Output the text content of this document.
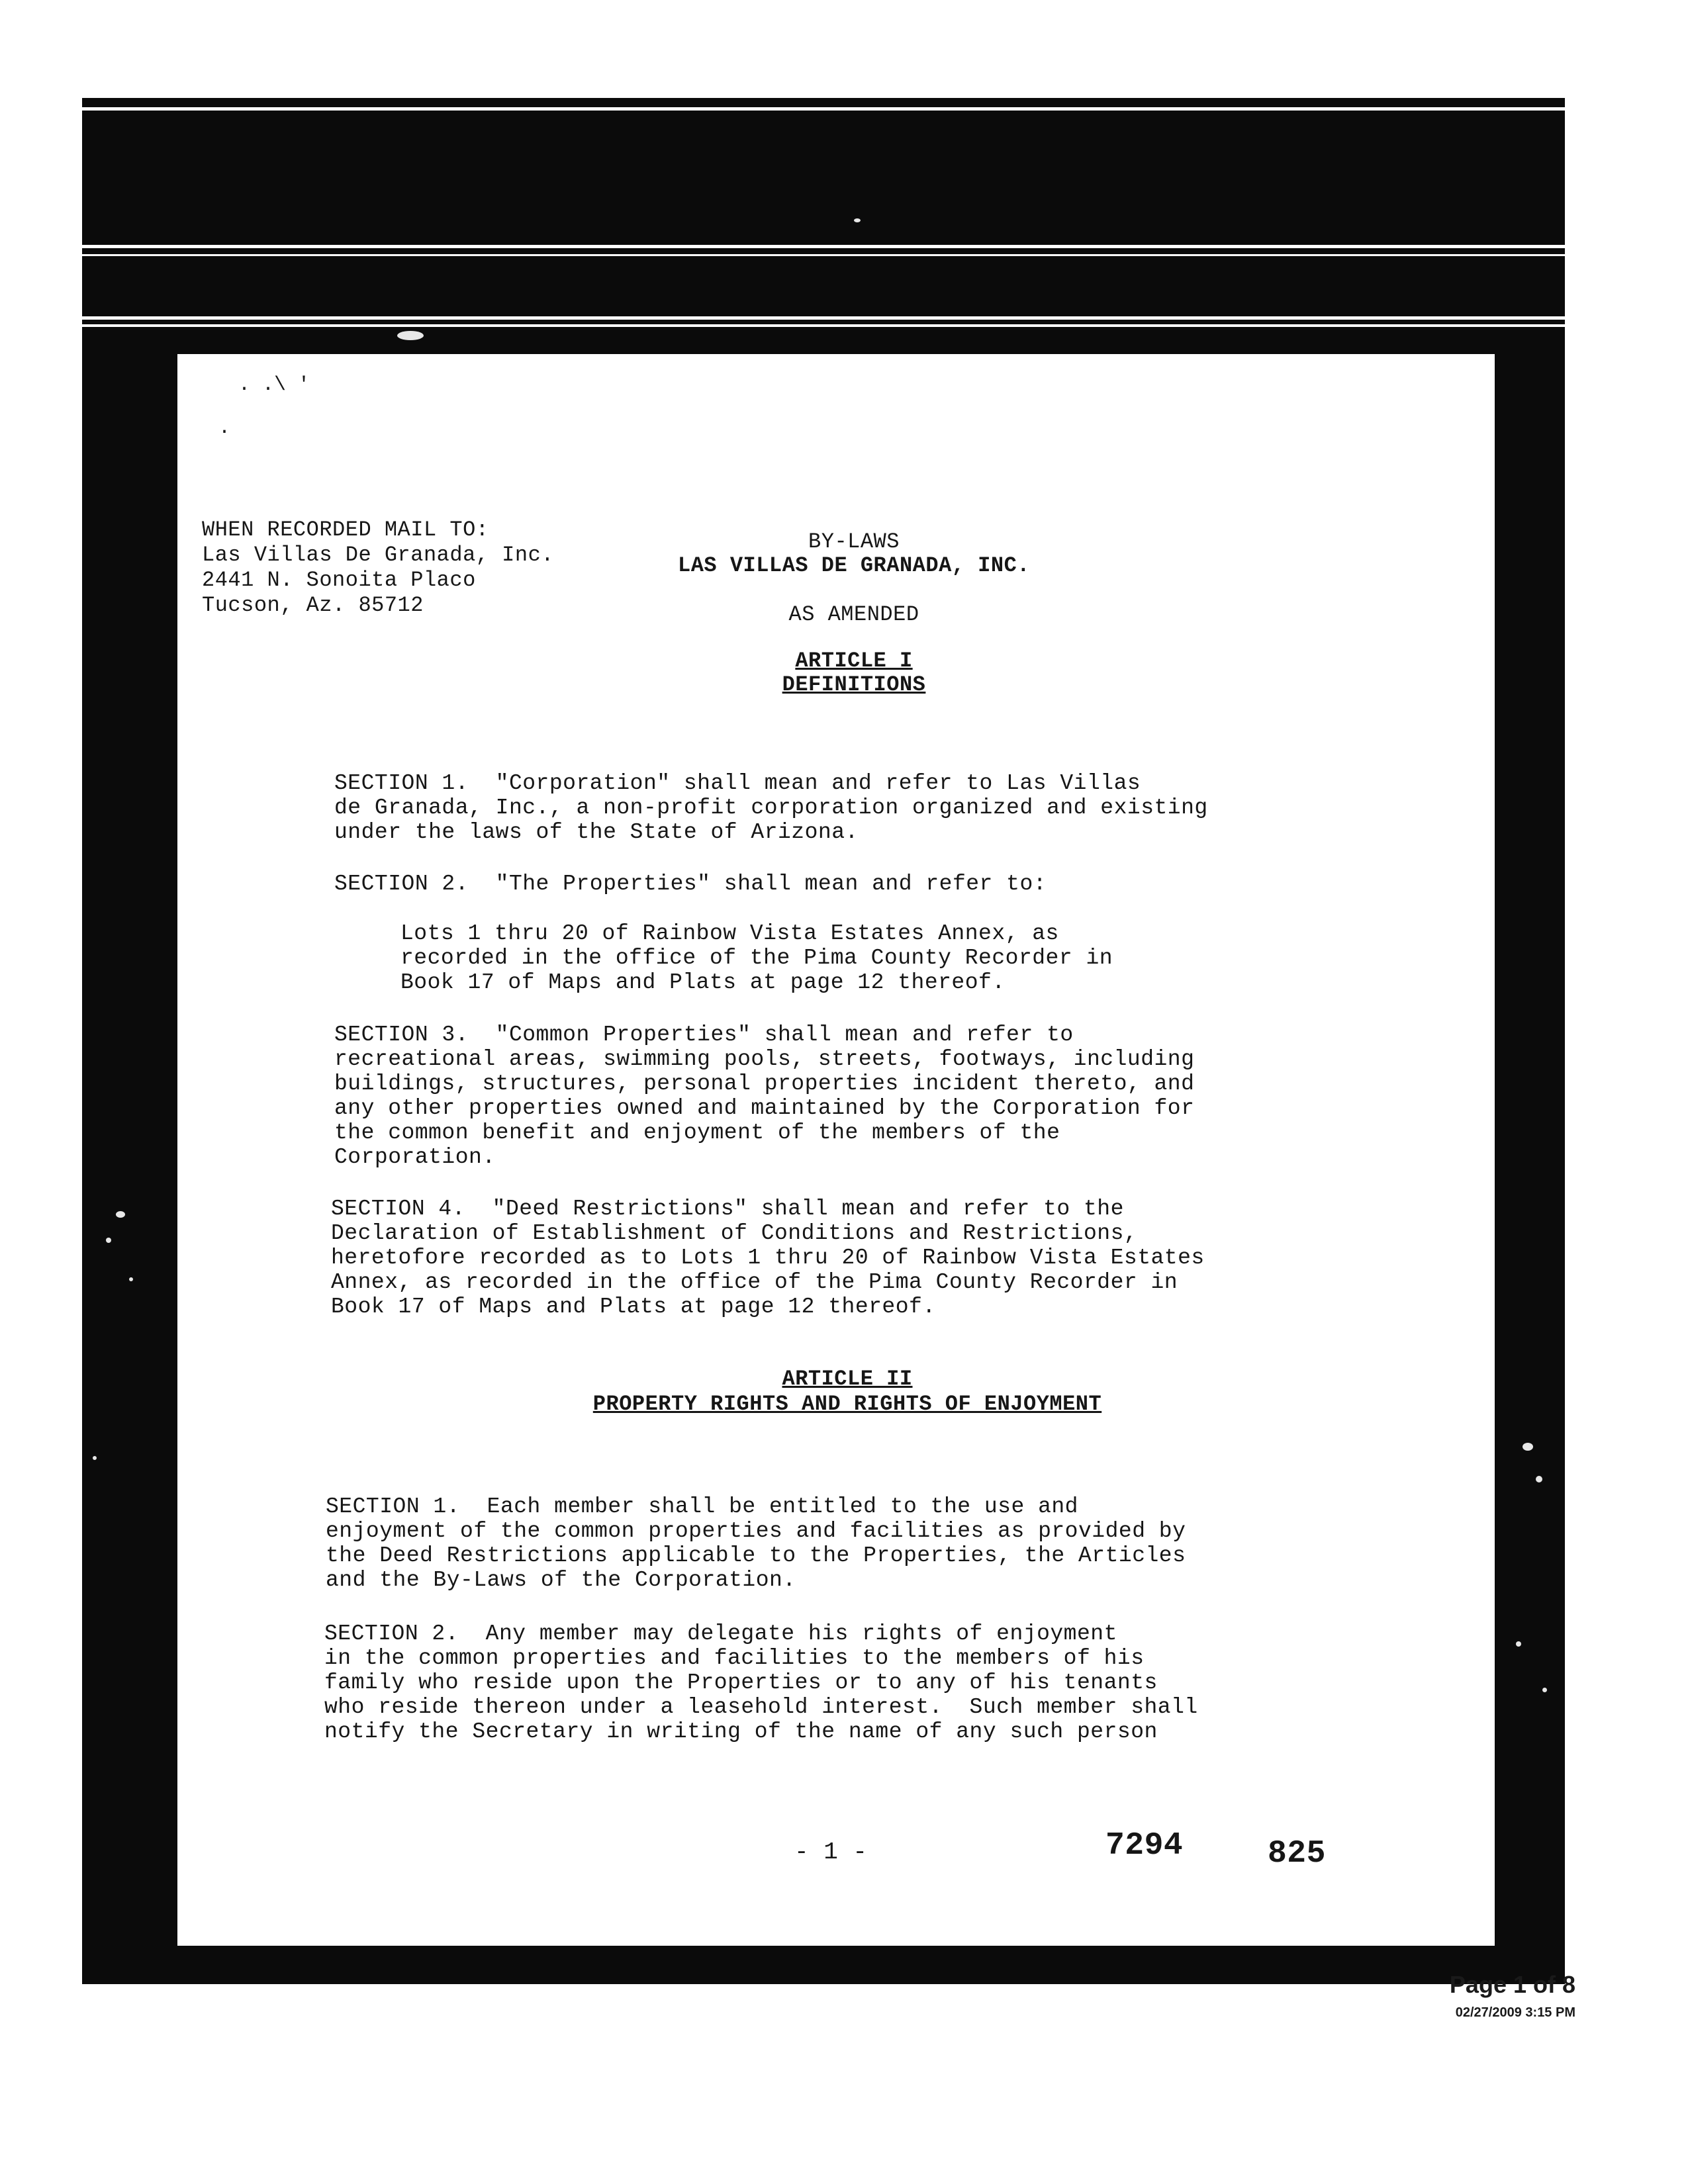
. .\ '
.
WHEN RECORDED MAIL TO:
Las Villas De Granada, Inc.
2441 N. Sonoita Placo
Tucson, Az. 85712
BY-LAWS
LAS VILLAS DE GRANADA, INC.
AS AMENDED
ARTICLE I
DEFINITIONS
SECTION 1.  "Corporation" shall mean and refer to Las Villas
de Granada, Inc., a non-profit corporation organized and existing
under the laws of the State of Arizona.
SECTION 2.  "The Properties" shall mean and refer to:
Lots 1 thru 20 of Rainbow Vista Estates Annex, as
recorded in the office of the Pima County Recorder in
Book 17 of Maps and Plats at page 12 thereof.
SECTION 3.  "Common Properties" shall mean and refer to
recreational areas, swimming pools, streets, footways, including
buildings, structures, personal properties incident thereto, and
any other properties owned and maintained by the Corporation for
the common benefit and enjoyment of the members of the
Corporation.
SECTION 4.  "Deed Restrictions" shall mean and refer to the
Declaration of Establishment of Conditions and Restrictions,
heretofore recorded as to Lots 1 thru 20 of Rainbow Vista Estates
Annex, as recorded in the office of the Pima County Recorder in
Book 17 of Maps and Plats at page 12 thereof.
ARTICLE II
PROPERTY RIGHTS AND RIGHTS OF ENJOYMENT
SECTION 1.  Each member shall be entitled to the use and
enjoyment of the common properties and facilities as provided by
the Deed Restrictions applicable to the Properties, the Articles
and the By-Laws of the Corporation.
SECTION 2.  Any member may delegate his rights of enjoyment
in the common properties and facilities to the members of his
family who reside upon the Properties or to any of his tenants
who reside thereon under a leasehold interest.  Such member shall
notify the Secretary in writing of the name of any such person
- 1 -	7294	825
Page 1 of 8
02/27/2009 3:15 PM
